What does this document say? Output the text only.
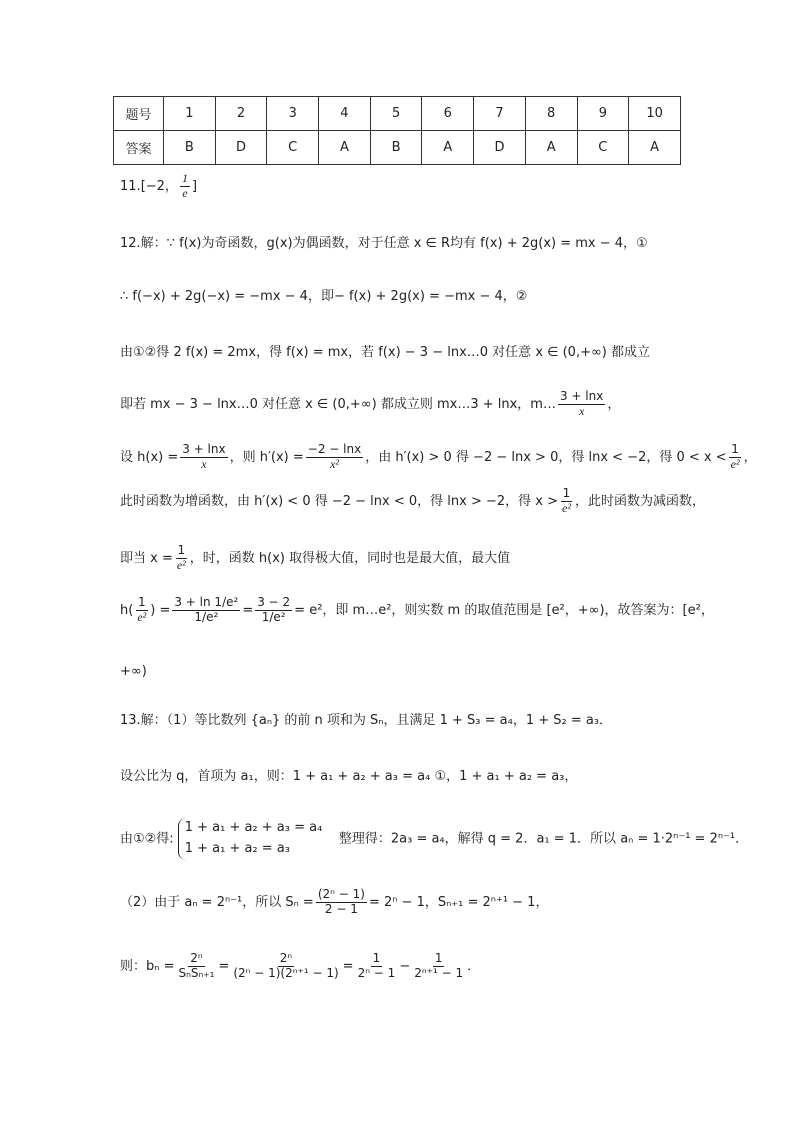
题号	1	2	3	4	5	6	7	8	9	10
答案	B	D	C	A	B	A	D	A	C	A
11.[−2， $\frac{1}{e}$ ]
12.解：∵ f(x)为奇函数，g(x)为偶函数，对于任意 x ∈ R均有 f(x) + 2g(x) = mx − 4，①
∴ f(−x) + 2g(−x) = −mx − 4，即− f(x) + 2g(x) = −mx − 4，②
由①②得 2 f(x) = 2mx，得 f(x) = mx，若 f(x) − 3 − lnx…0 对任意 x ∈ (0,+∞) 都成立
即若 mx − 3 − lnx…0 对任意 x ∈ (0,+∞) 都成立则 mx…3 + lnx，m… $\frac{3 + \ln x}{x}$ ，
设 $h(x) = \frac{3 + \ln x}{x}$ ，则 $h'(x) = \frac{-2 - \ln x}{\text{x²}}$ ，由 h′(x) > 0 得 −2 − lnx > 0，得 lnx < −2，得 $0 < x < \frac{1}{\text{e²}}$ ，
此时函数为增函数，由 h′(x) < 0 得 −2 − lnx < 0，得 lnx > −2，得 $x > \frac{1}{\text{e²}}$ ，此时函数为减函数，
即当 $x = \frac{1}{\text{e²}}$ ，时，函数 h(x) 取得极大值，同时也是最大值，最大值
$h( \frac{1}{\text{e²}}$ ) = $\frac{\text{3 + ln 1/e²}}{\text{1/e²}} = \frac{3 - 2}{\text{1/e²}} = e^2$，即 m…e²，则实数 m 的取值范围是 [e²，+∞)，故答案为：[e²，
+∞)
13.解：（1）等比数列 {aₙ} 的前 n 项和为 Sₙ，且满足 1 + S₃ = a₄，1 + S₂ = a₃．
设公比为 q，首项为 a₁，则：1 + a₁ + a₂ + a₃ = a₄ ①，1 + a₁ + a₂ = a₃，
由①②得:1 + a₁ + a₂ + a₃ = a₄
1 + a₁ + a₂ = a₃    整理得：2a₃ = a₄，解得 q = 2．a₁ = 1．所以 aₙ = 1·2ⁿ⁻¹ = 2ⁿ⁻¹．
（2）由于 aₙ = 2ⁿ⁻¹，所以 $S_n = \frac{\text{(2ⁿ − 1)}}{2 - 1} = 2^n - 1$，Sₙ₊₁ = 2ⁿ⁺¹ − 1，
则：$b_n = \frac{\text{2ⁿ}}{\text{SₙSₙ₊₁}} = \frac{\text{2ⁿ}}{\text{(2ⁿ − 1)(2ⁿ⁺¹ − 1)}} = \frac{1}{\text{2ⁿ − 1}} - \frac{1}{\text{2ⁿ⁺¹ − 1}}$ ．
